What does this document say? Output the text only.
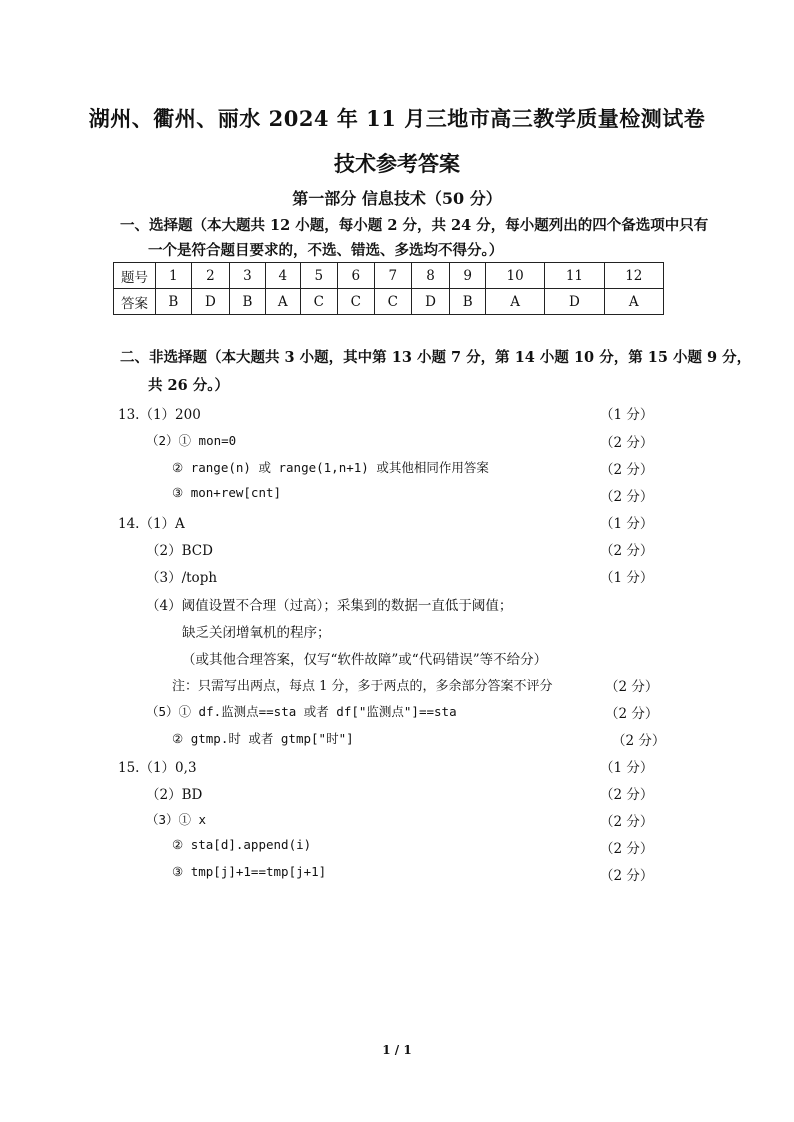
湖州、衢州、丽水 2024 年 11 月三地市高三教学质量检测试卷
技术参考答案
第一部分 信息技术（50 分）
一、选择题（本大题共 12 小题，每小题 2 分，共 24 分，每小题列出的四个备选项中只有
一个是符合题目要求的，不选、错选、多选均不得分。）
题号	1	2	3	4	5	6	7	8	9	10	11	12
答案	B	D	B	A	C	C	C	D	B	A	D	A
二、非选择题（本大题共 3 小题，其中第 13 小题 7 分，第 14 小题 10 分，第 15 小题 9 分，
共 26 分。）
13.（1）200	（1 分）
（2）① mon=0	（2 分）
② range(n) 或 range(1,n+1) 或其他相同作用答案	（2 分）
③ mon+rew[cnt]	（2 分）
14.（1）A	（1 分）
（2）BCD	（2 分）
（3）/toph	（1 分）
（4）阈值设置不合理（过高）；采集到的数据一直低于阈值；
缺乏关闭增氧机的程序；
（或其他合理答案，仅写“软件故障”或“代码错误”等不给分）
注：只需写出两点，每点 1 分，多于两点的，多余部分答案不评分	（2 分）
（5）① df.监测点==sta 或者 df["监测点"]==sta	（2 分）
② gtmp.时 或者 gtmp["时"]	（2 分）
15.（1）0,3	（1 分）
（2）BD	（2 分）
（3）① x	（2 分）
② sta[d].append(i)	（2 分）
③ tmp[j]+1==tmp[j+1]	（2 分）
1 / 1
